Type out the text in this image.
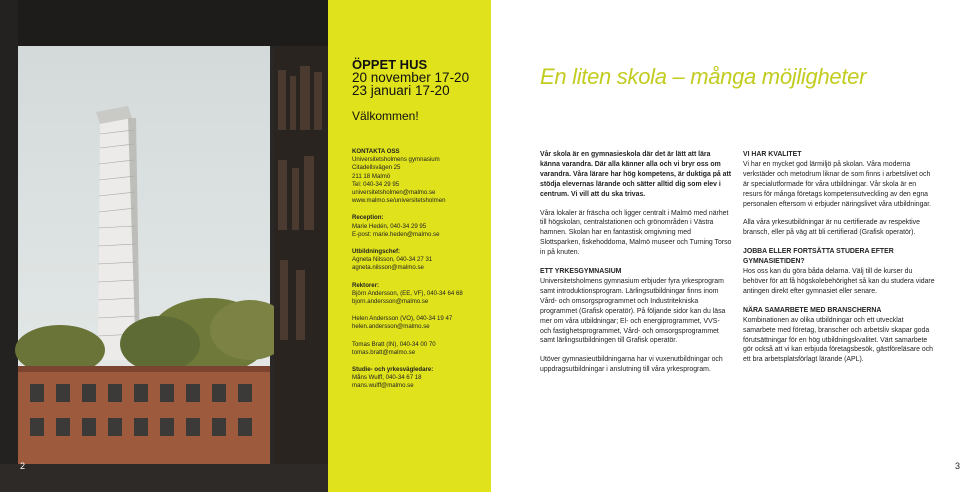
2
ÖPPET HUS
20 november 17-20
23 januari 17-20
Välkommen!
KONTAKTA OSS
Universitetsholmens gymnasium
Citadellsvägen 25
211 18 Malmö
Tel: 040-34 29 95
universitetsholmen@malmo.se
www.malmo.se/universitetsholmen
Reception:
Marie Hedén, 040-34 29 95
E-post: marie.heden@malmo.se
Utbildningschef:
Agneta Nilsson, 040-34 27 31
agneta.nilsson@malmo.se
Rektorer:
Björn Andersson, (EE, VF), 040-34 64 68
bjorn.andersson@malmo.se
Helen Andersson (VO), 040-34 19 47
helen.andersson@malmo.se
Tomas Bratt (IN), 040-34 00 70
tomas.bratt@malmo.se
Studie- och yrkesvägledare:
Måns Wulff, 040-34 67 18
mans.wulff@malmo.se
En liten skola – många möjligheter

Vår skola är en gymnasieskola där det är lätt att lära känna varandra. Där alla känner alla och vi bryr oss om varandra. Våra lärare har hög kompetens, är duktiga på att stödja elevernas lärande och sätter alltid dig som elev i centrum. Vi vill att du ska trivas.

Våra lokaler är fräscha och ligger centralt i Malmö med närhet till högskolan, centralstationen och grönområden i Västra hamnen. Skolan har en fantastisk omgivning med Slottsparken, fiskehoddorna, Malmö museer och Turning Torso in på knuten.

ETT YRKESGYMNASIUM

Universitetsholmens gymnasium erbjuder fyra yrkesprogram samt introduktionsprogram. Lärlingsutbildningar finns inom Vård- och omsorgsprogrammet och Industritekniska programmet (Grafisk operatör). På följande sidor kan du läsa mer om våra utbildningar; El- och energiprogrammet, VVS- och fastighetsprogrammet, Vård- och omsorgsprogrammet samt lärlingsutbildningen till Grafisk operatör.

Utöver gymnasieutbildningarna har vi vuxenutbildningar och uppdragsutbildningar i anslutning till våra yrkesprogram.

VI HAR KVALITET

Vi har en mycket god lärmiljö på skolan. Våra moderna verkstäder och metodrum liknar de som finns i arbetslivet och är specialutformade för våra utbildningar. Vår skola är en resurs för många företags kompetensutveckling av den egna personalen eftersom vi erbjuder näringslivet våra utbildningar.

Alla våra yrkesutbildningar är nu certifierade av respektive bransch, eller på väg att bli certifierad (Grafisk operatör).

JOBBA ELLER FORTSÄTTA STUDERA EFTER GYMNASIETIDEN?

Hos oss kan du göra båda delarna. Välj till de kurser du behöver för att få högskolebehörighet så kan du studera vidare antingen direkt efter gymnasiet eller senare.

NÄRA SAMARBETE MED BRANSCHERNA

Kombinationen av olika utbildningar och ett utvecklat samarbete med företag, branscher och arbetsliv skapar goda förutsättningar för en hög utbildningskvalitet. Värt samarbete gör också att vi kan erbjuda företagsbesök, gästföreläsare och ett bra arbetsplatsförlagt lärande (APL).

3
